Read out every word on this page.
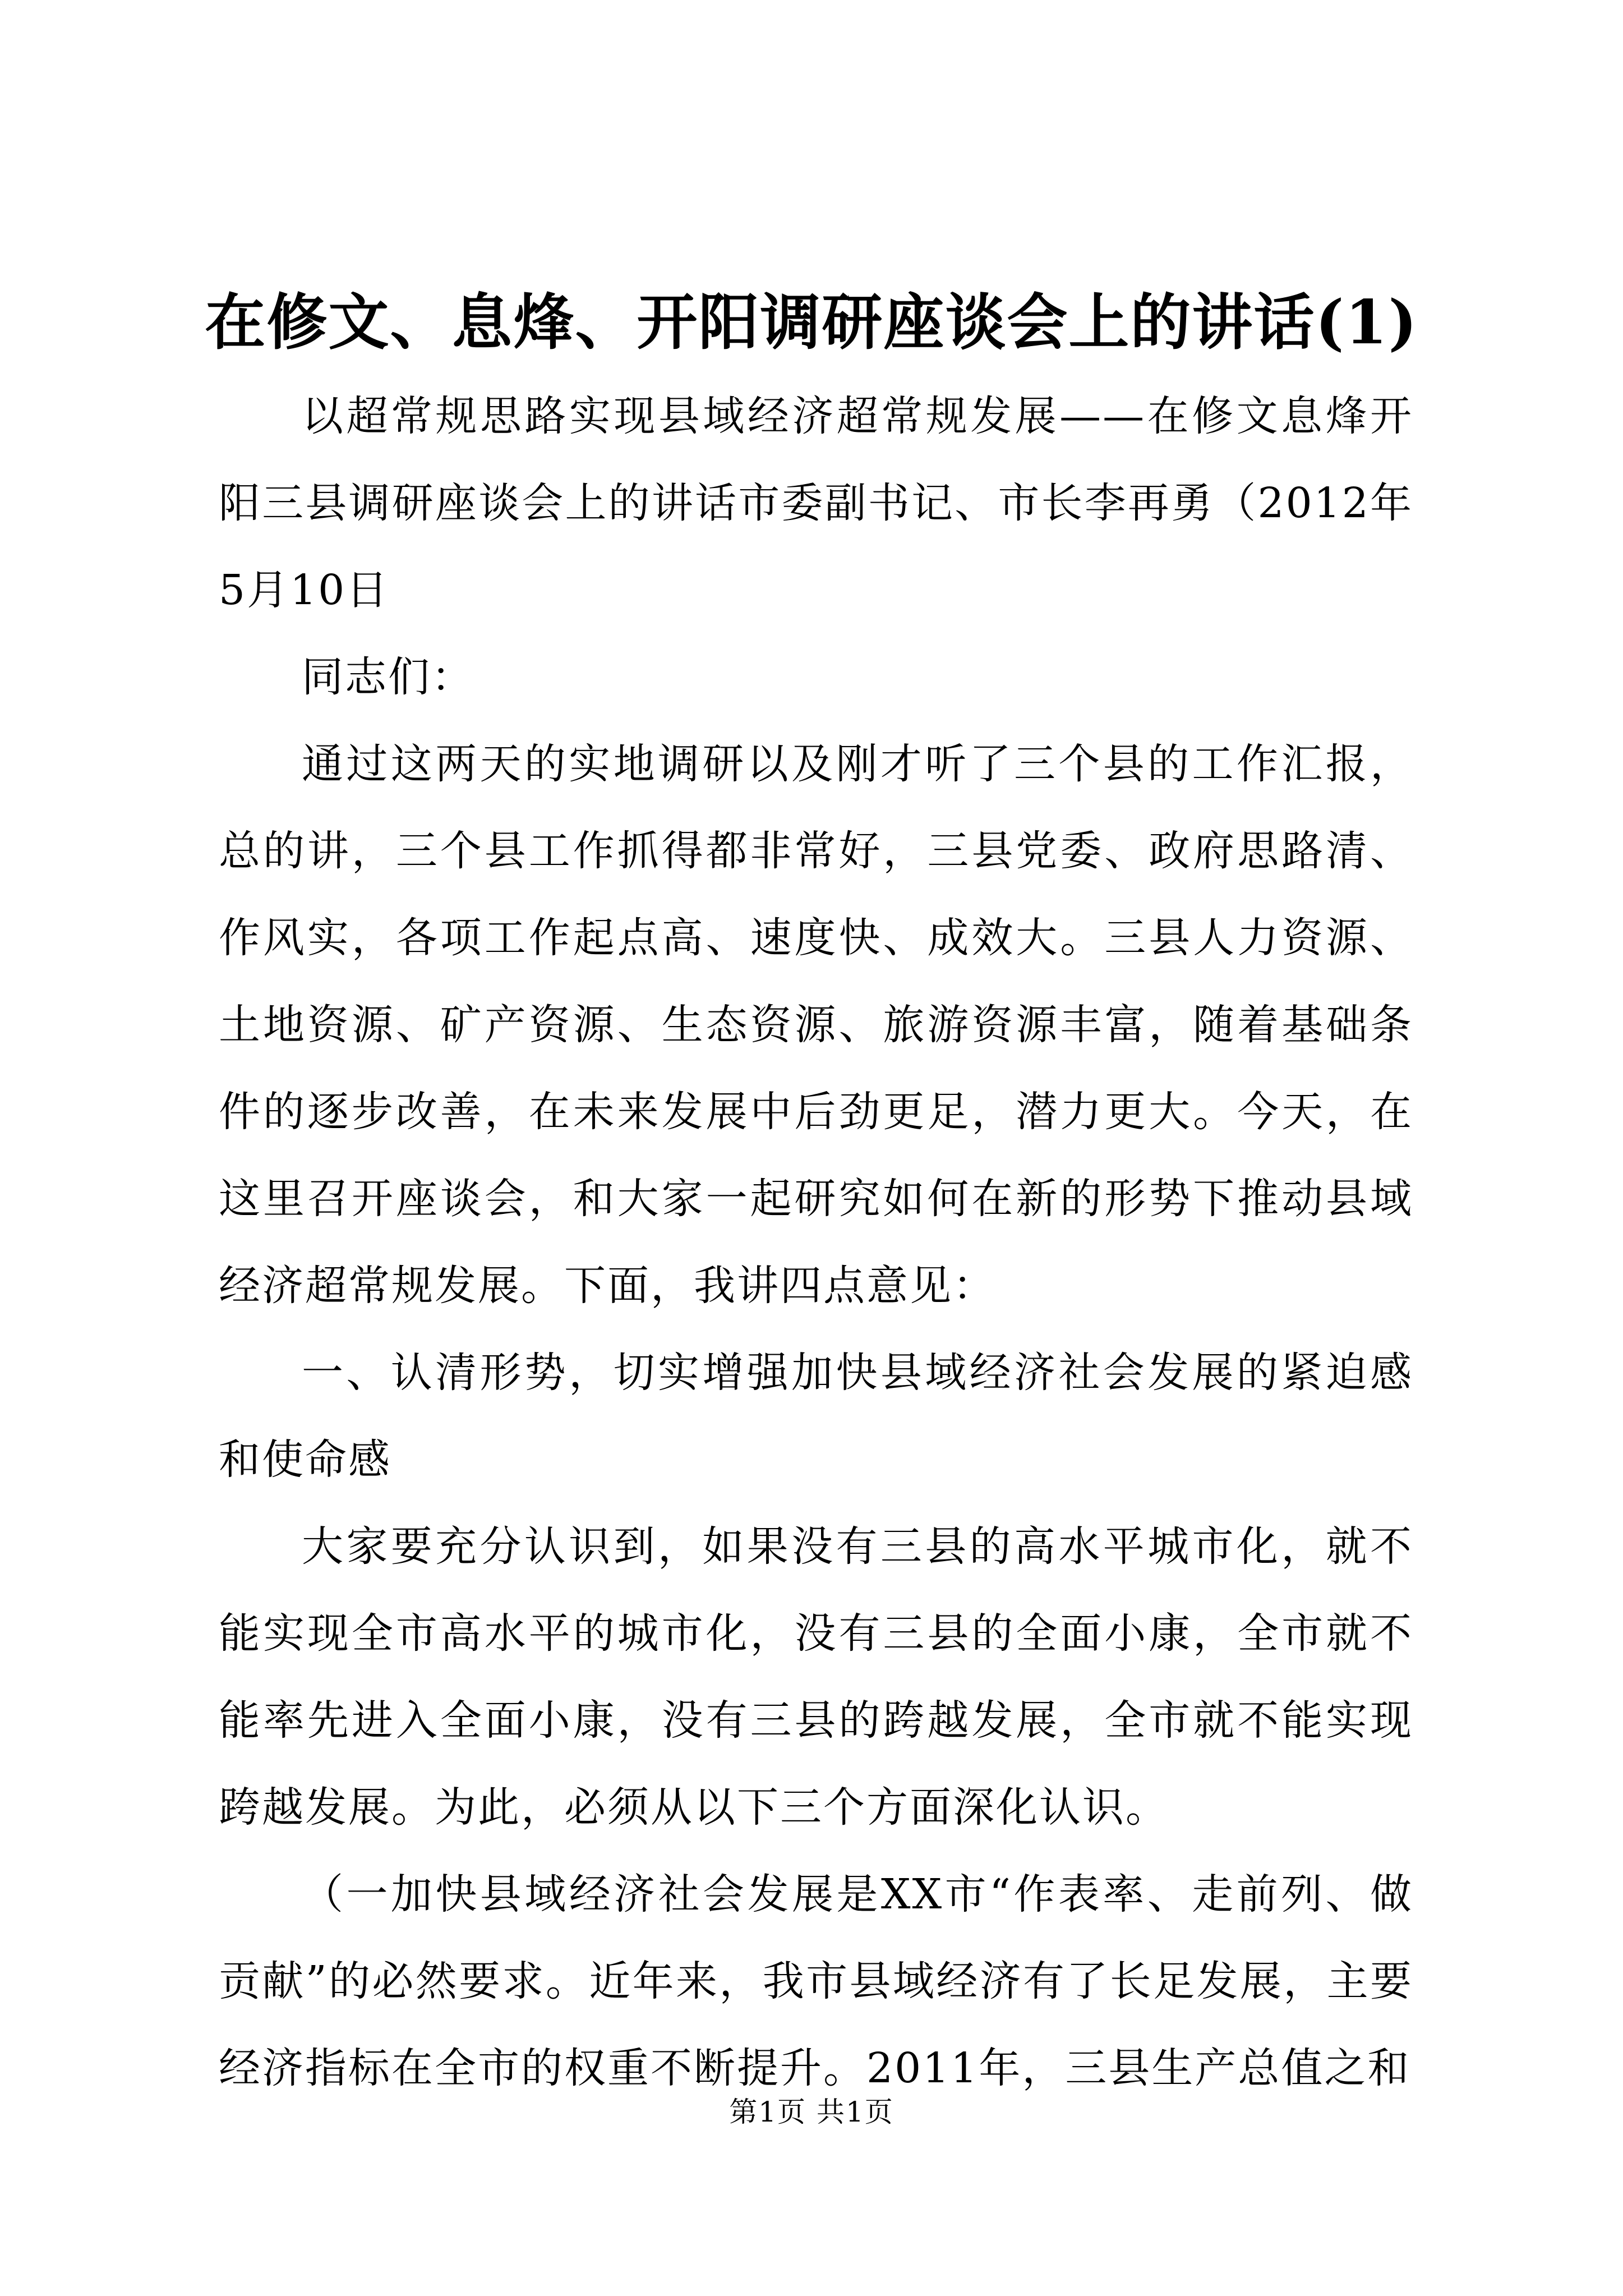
在修文、息烽、开阳调研座谈会上的讲话(1)

以超常规思路实现县域经济超常规发展——在修文息烽开阳三县调研座谈会上的讲话市委副书记、市长李再勇（2012年5月10日

同志们：

通过这两天的实地调研以及刚才听了三个县的工作汇报，总的讲，三个县工作抓得都非常好，三县党委、政府思路清、作风实，各项工作起点高、速度快、成效大。三县人力资源、土地资源、矿产资源、生态资源、旅游资源丰富，随着基础条件的逐步改善，在未来发展中后劲更足，潜力更大。今天，在这里召开座谈会，和大家一起研究如何在新的形势下推动县域经济超常规发展。下面，我讲四点意见：

一、认清形势，切实增强加快县域经济社会发展的紧迫感和使命感

大家要充分认识到，如果没有三县的高水平城市化，就不能实现全市高水平的城市化，没有三县的全面小康，全市就不能率先进入全面小康，没有三县的跨越发展，全市就不能实现跨越发展。为此，必须从以下三个方面深化认识。

（一加快县域经济社会发展是XX市“作表率、走前列、做贡献”的必然要求。近年来，我市县域经济有了长足发展，主要经济指标在全市的权重不断提升。2011年，三县生产总值之和

第1页 共1页
